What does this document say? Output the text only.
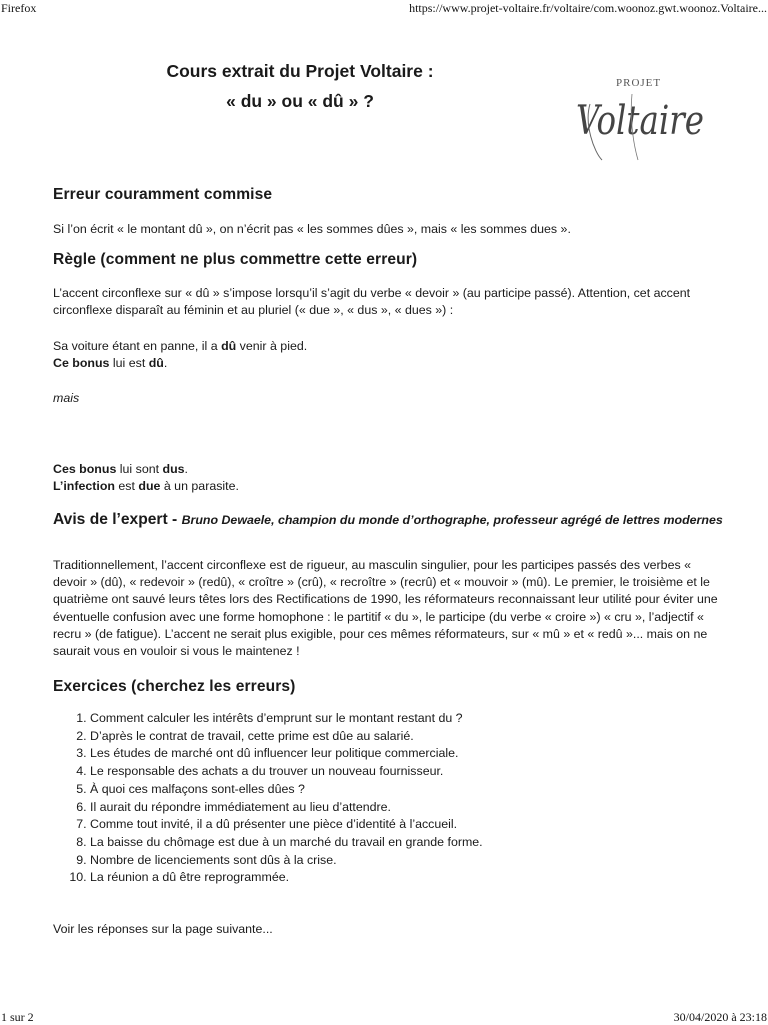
Firefox	https://www.projet-voltaire.fr/voltaire/com.woonoz.gwt.woonoz.Voltaire...
Cours extrait du Projet Voltaire :
« du » ou « dû » ?
PROJET
Voltaire
Erreur couramment commise

Si l’on écrit « le montant dû », on n’écrit pas « les sommes dûes », mais « les sommes dues ».

Règle (comment ne plus commettre cette erreur)

L’accent circonflexe sur « dû » s’impose lorsqu’il s’agit du verbe « devoir » (au participe passé). Attention, cet accent circonflexe disparaît au féminin et au pluriel (« due », « dus », « dues ») :

Sa voiture étant en panne, il a dû venir à pied.

Ce bonus lui est dû.

mais

Ces bonus lui sont dus.

L’infection est due à un parasite.

Avis de l’expert - Bruno Dewaele, champion du monde d’orthographe, professeur agrégé de lettres modernes

Traditionnellement, l’accent circonflexe est de rigueur, au masculin singulier, pour les participes passés des verbes « devoir » (dû), « redevoir » (redû), « croître » (crû), « recroître » (recrû) et « mouvoir » (mû). Le premier, le troisième et le quatrième ont sauvé leurs têtes lors des Rectifications de 1990, les réformateurs reconnaissant leur utilité pour éviter une éventuelle confusion avec une forme homophone : le partitif « du », le participe (du verbe « croire ») « cru », l’adjectif « recru » (de fatigue). L’accent ne serait plus exigible, pour ces mêmes réformateurs, sur « mû » et « redû »... mais on ne saurait vous en vouloir si vous le maintenez !

Exercices (cherchez les erreurs)
1. Comment calculer les intérêts d’emprunt sur le montant restant du ?
2. D’après le contrat de travail, cette prime est dûe au salarié.
3. Les études de marché ont dû influencer leur politique commerciale.
4. Le responsable des achats a du trouver un nouveau fournisseur.
5. À quoi ces malfaçons sont-elles dûes ?
6. Il aurait du répondre immédiatement au lieu d’attendre.
7. Comme tout invité, il a dû présenter une pièce d’identité à l’accueil.
8. La baisse du chômage est due à un marché du travail en grande forme.
9. Nombre de licenciements sont dûs à la crise.
10. La réunion a dû être reprogrammée.

Voir les réponses sur la page suivante...

1 sur 2	30/04/2020 à 23:18
